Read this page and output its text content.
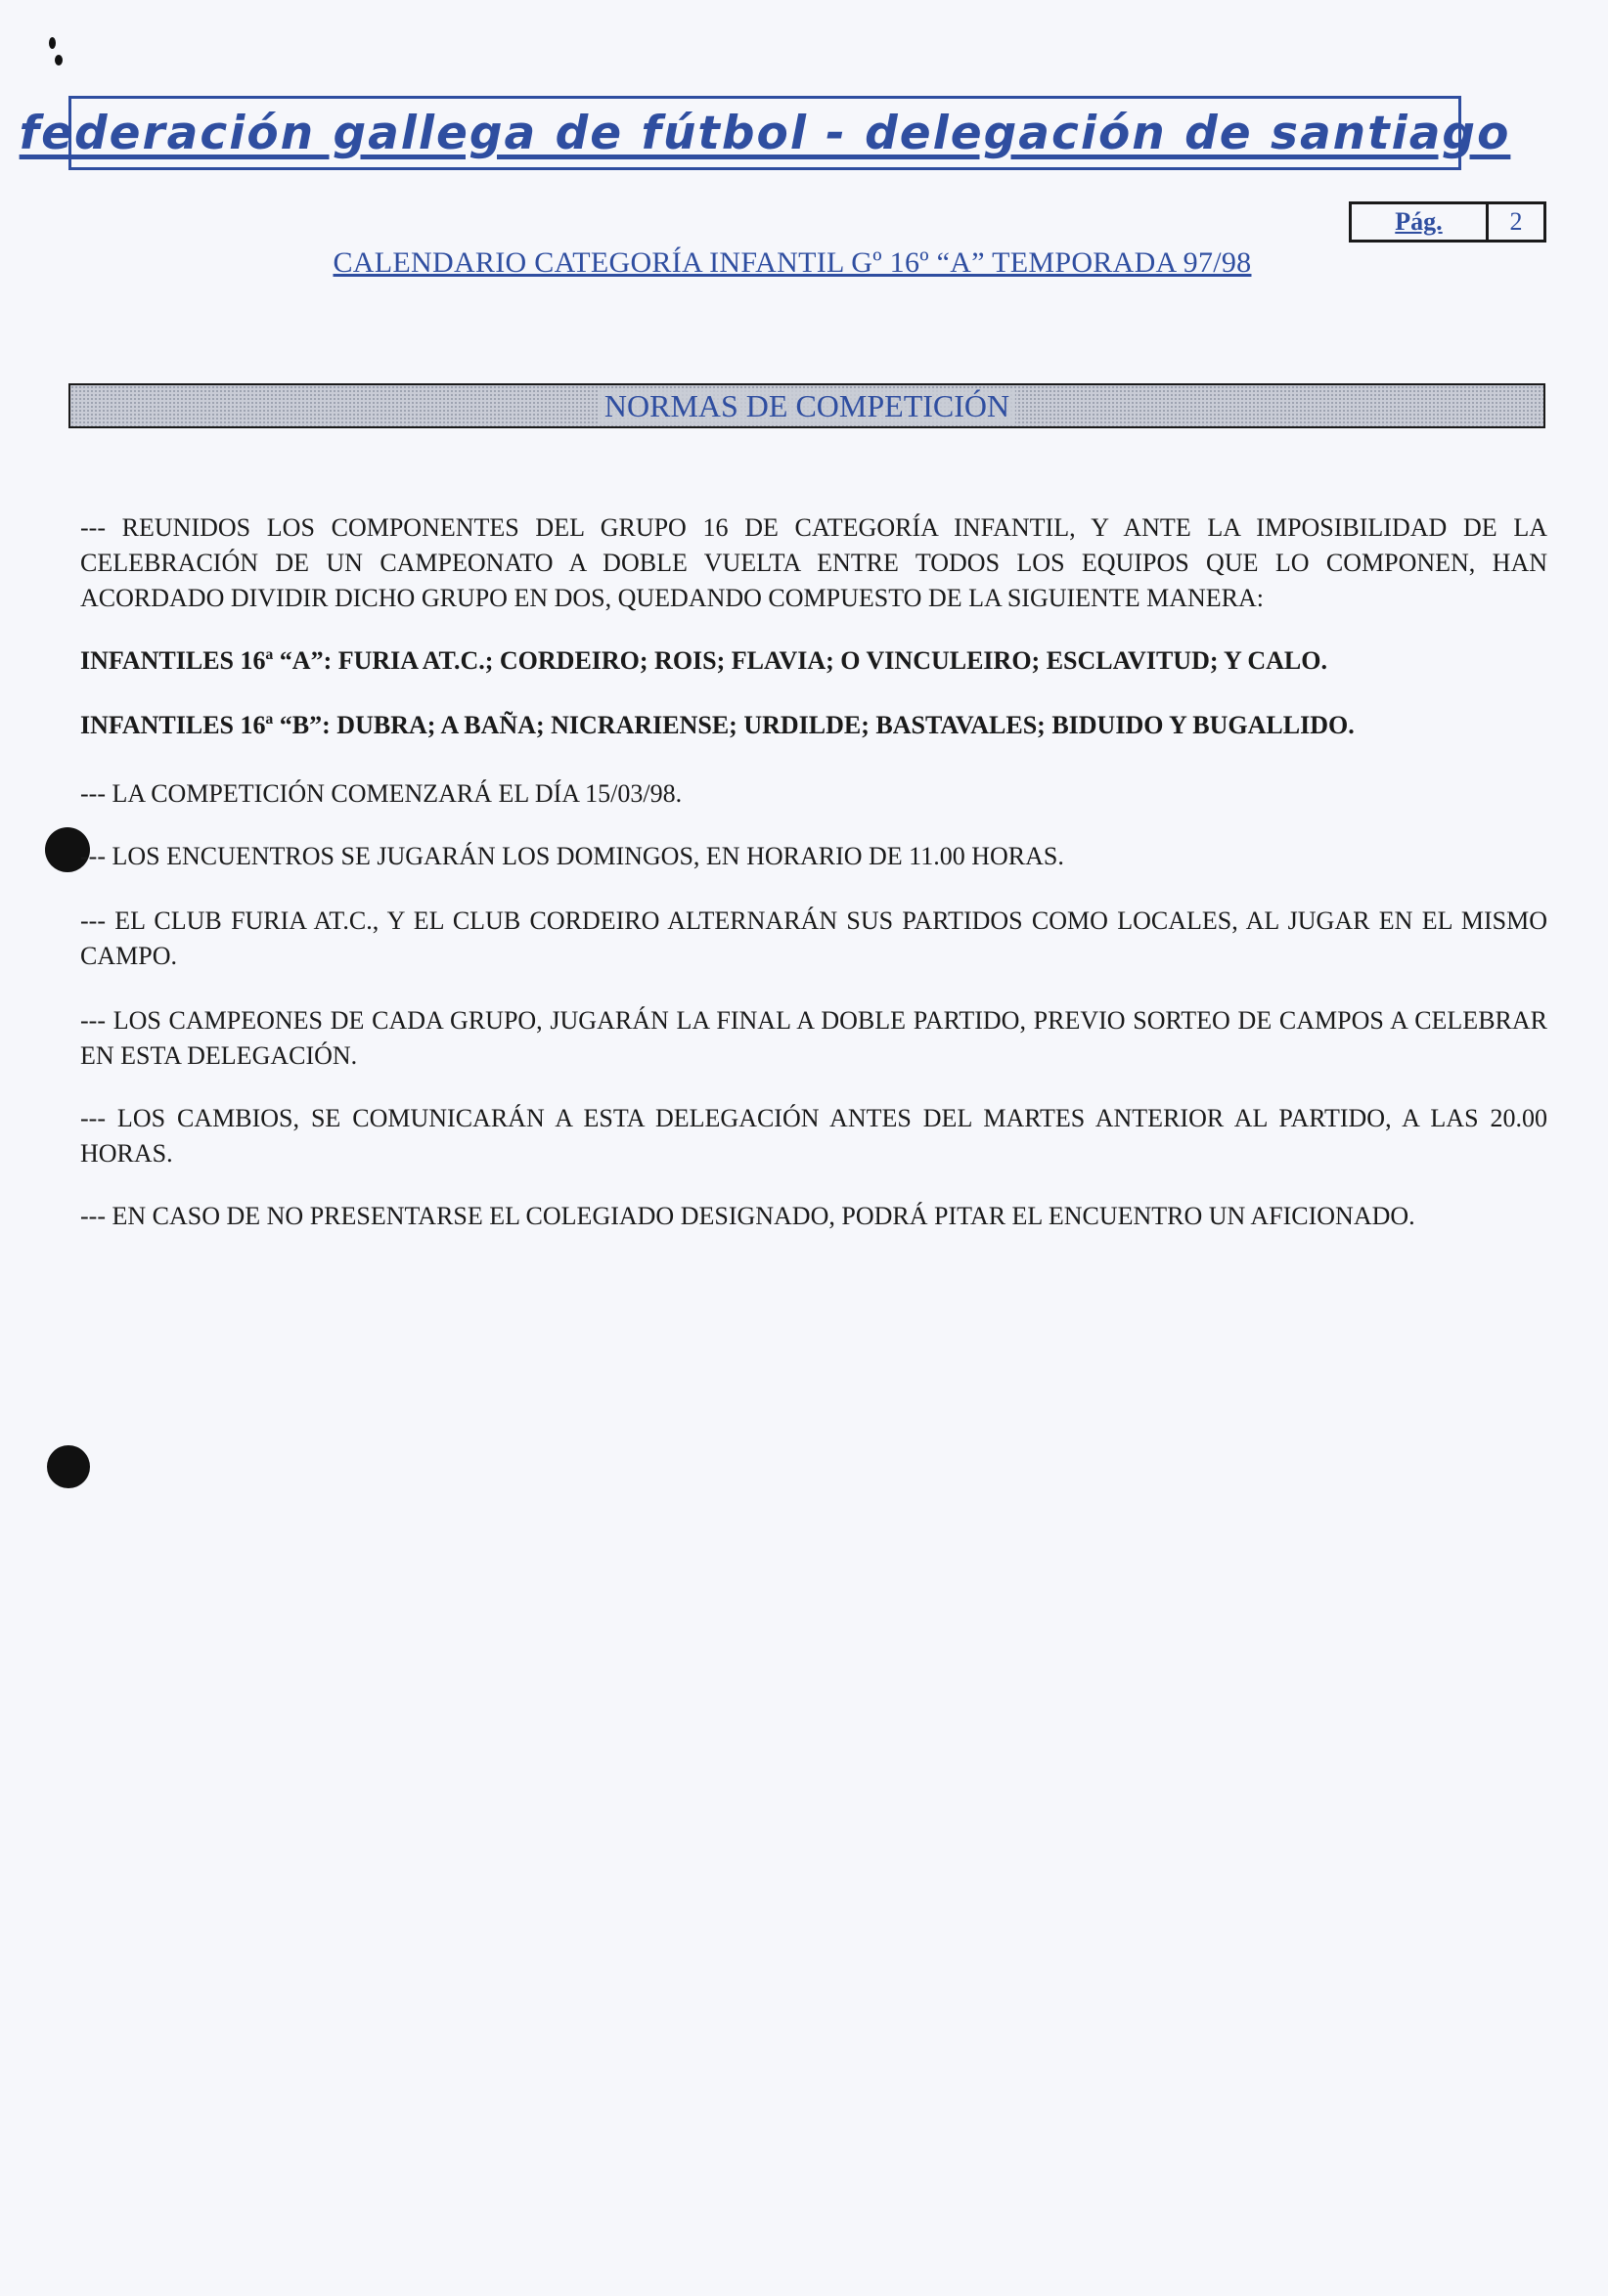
federación gallega de fútbol - delegación de santiago
Pág.	2
CALENDARIO CATEGORÍA INFANTIL Gº 16º “A” TEMPORADA 97/98
NORMAS DE COMPETICIÓN
--- REUNIDOS LOS COMPONENTES DEL GRUPO 16 DE CATEGORÍA INFANTIL, Y ANTE LA IMPOSIBILIDAD DE LA CELEBRACIÓN DE UN CAMPEONATO A DOBLE VUELTA ENTRE TODOS LOS EQUIPOS QUE LO COMPONEN, HAN ACORDADO DIVIDIR DICHO GRUPO EN DOS, QUEDANDO COMPUESTO DE LA SIGUIENTE MANERA:
INFANTILES 16ª “A”: FURIA AT.C.; CORDEIRO; ROIS; FLAVIA; O VINCULEIRO; ESCLAVITUD; Y CALO.
INFANTILES 16ª “B”: DUBRA; A BAÑA; NICRARIENSE; URDILDE; BASTAVALES; BIDUIDO Y BUGALLIDO.
--- LA COMPETICIÓN COMENZARÁ EL DÍA 15/03/98.
--- LOS ENCUENTROS SE JUGARÁN LOS DOMINGOS, EN HORARIO DE 11.00 HORAS.
--- EL CLUB FURIA AT.C., Y EL CLUB CORDEIRO ALTERNARÁN SUS PARTIDOS COMO LOCALES, AL JUGAR EN EL MISMO CAMPO.
--- LOS CAMPEONES DE CADA GRUPO, JUGARÁN LA FINAL A DOBLE PARTIDO, PREVIO SORTEO DE CAMPOS A CELEBRAR EN ESTA DELEGACIÓN.
--- LOS CAMBIOS, SE COMUNICARÁN A ESTA DELEGACIÓN ANTES DEL MARTES ANTERIOR AL PARTIDO, A LAS 20.00 HORAS.
--- EN CASO DE NO PRESENTARSE EL COLEGIADO DESIGNADO, PODRÁ PITAR EL ENCUENTRO UN AFICIONADO.
